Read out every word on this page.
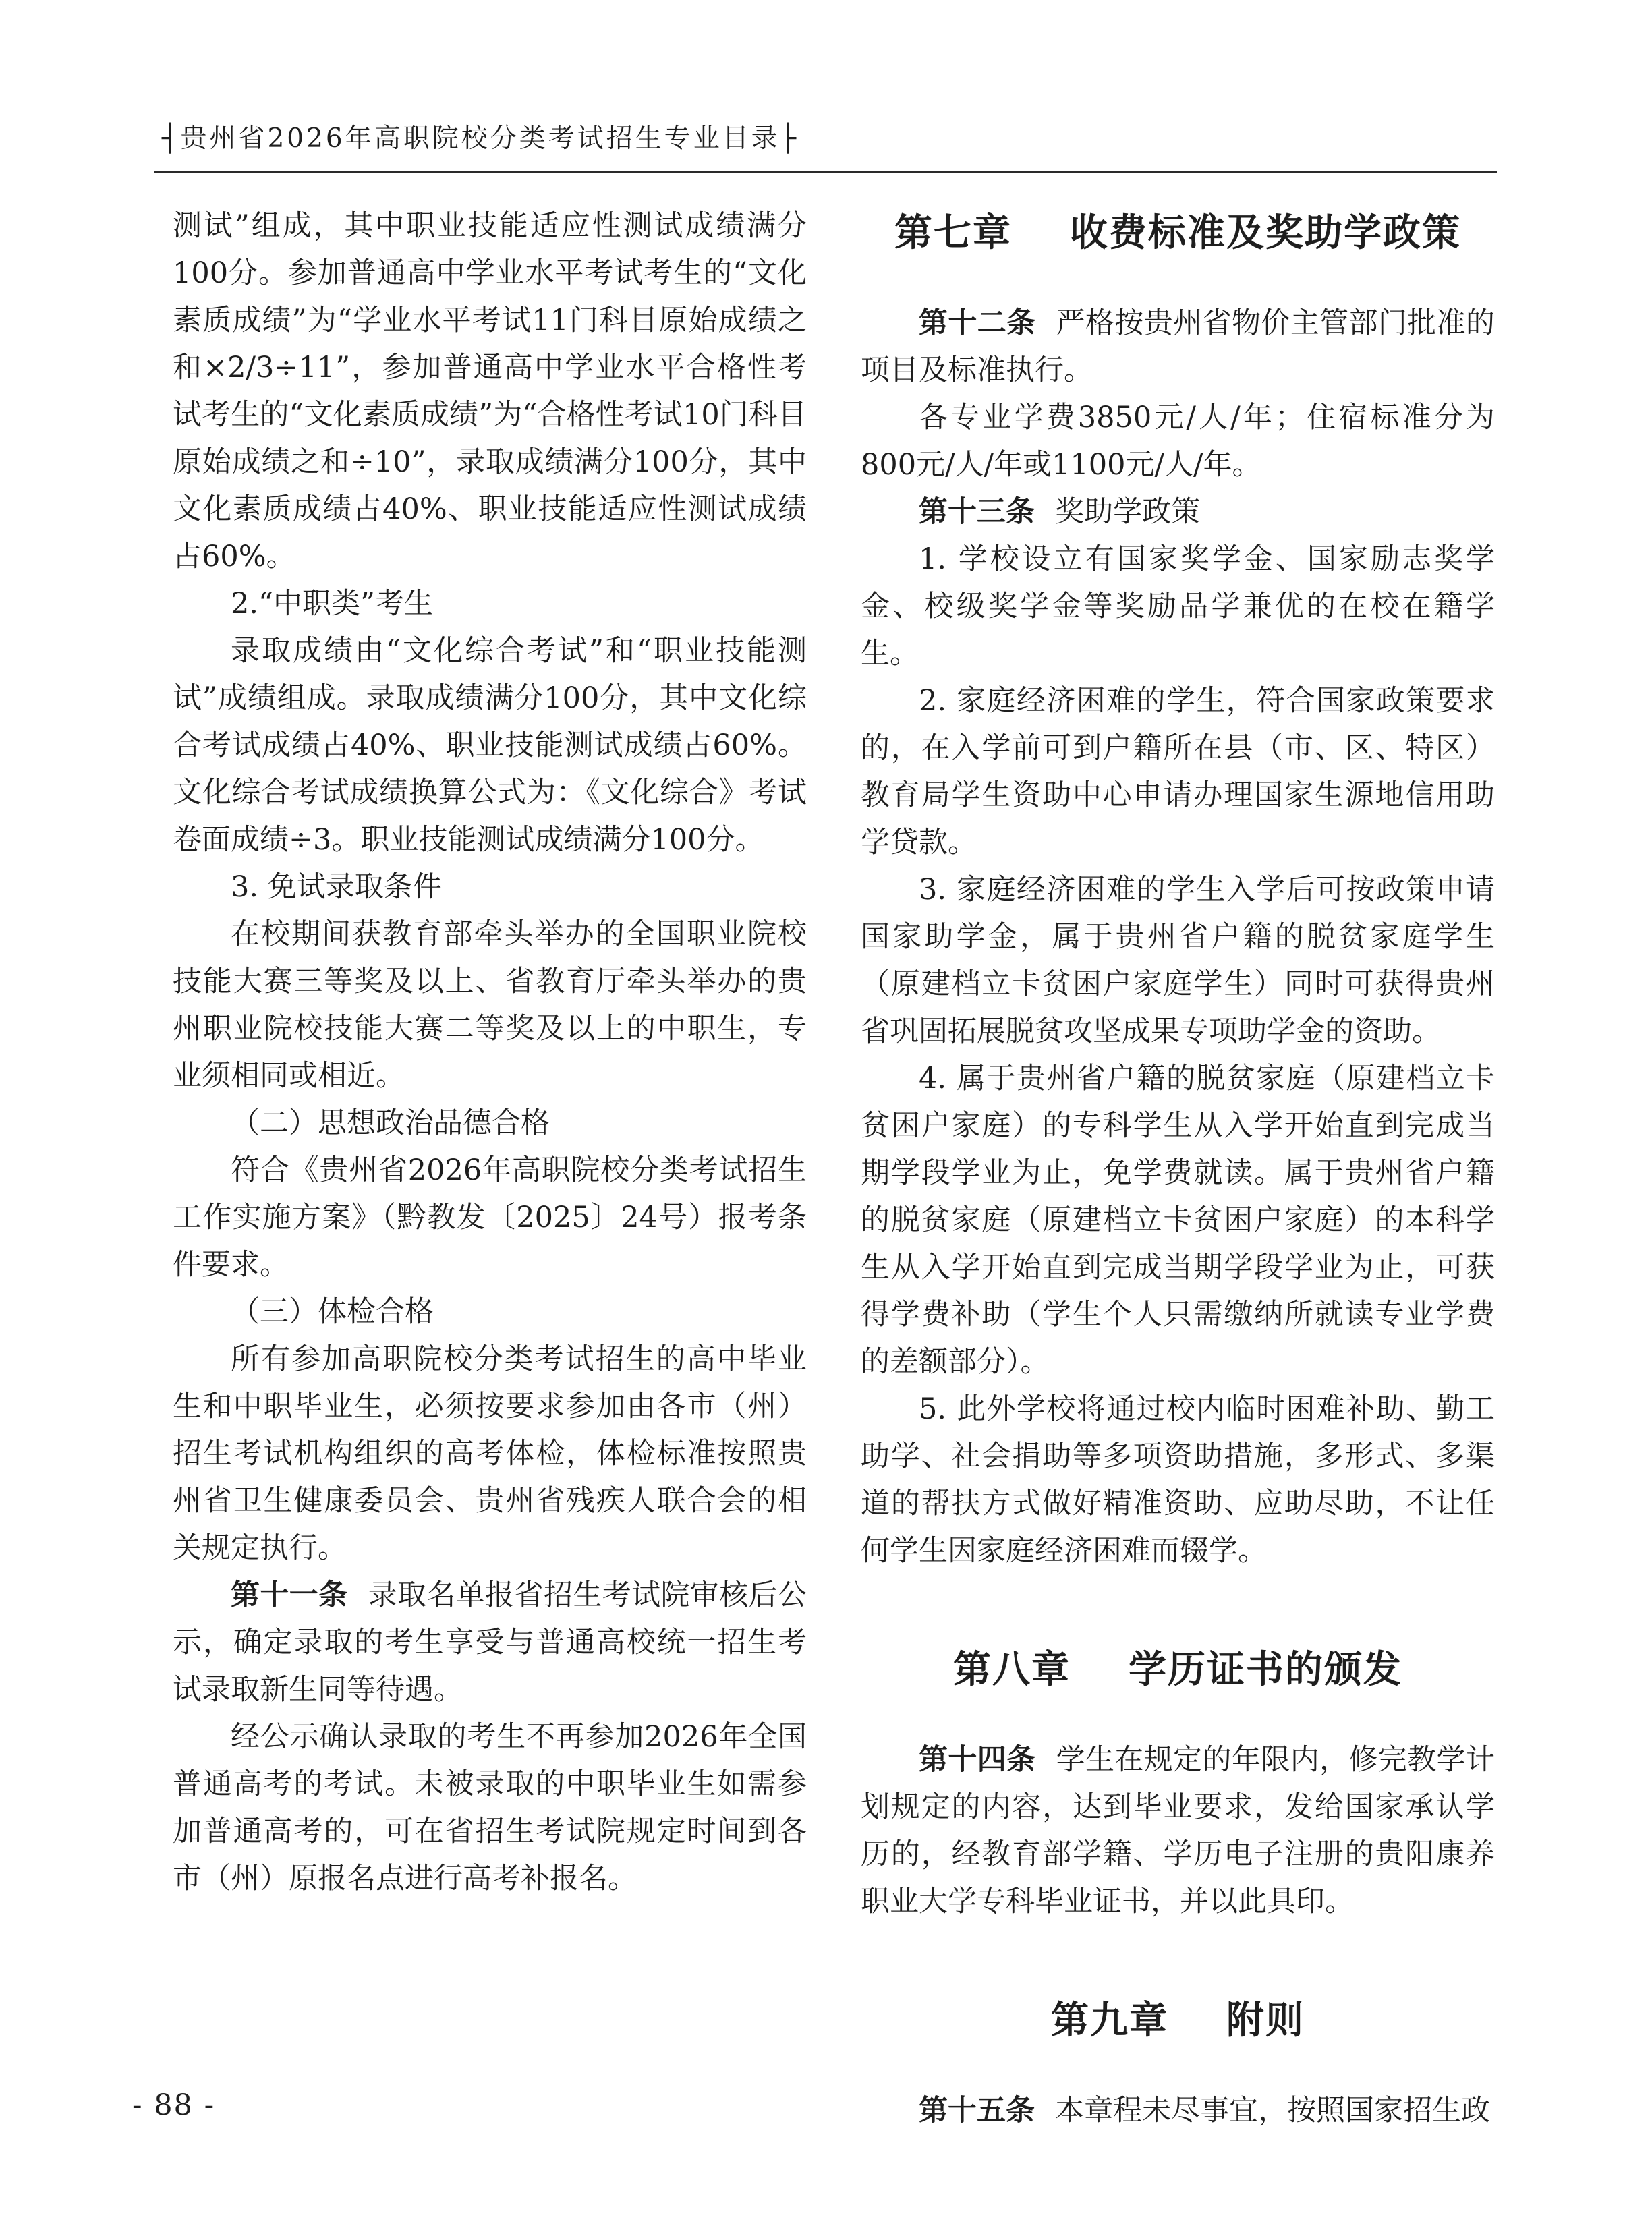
┤贵州省2026年高职院校分类考试招生专业目录├

测试”组成，其中职业技能适应性测试成绩满分100分。参加普通高中学业水平考试考生的“文化素质成绩”为“学业水平考试11门科目原始成绩之和×2/3÷11”，参加普通高中学业水平合格性考试考生的“文化素质成绩”为“合格性考试10门科目原始成绩之和÷10”，录取成绩满分100分，其中文化素质成绩占40%、职业技能适应性测试成绩占60%。

2.“中职类”考生

录取成绩由“文化综合考试”和“职业技能测试”成绩组成。录取成绩满分100分，其中文化综合考试成绩占40%、职业技能测试成绩占60%。文化综合考试成绩换算公式为：《文化综合》考试卷面成绩÷3。职业技能测试成绩满分100分。

3. 免试录取条件

在校期间获教育部牵头举办的全国职业院校技能大赛三等奖及以上、省教育厅牵头举办的贵州职业院校技能大赛二等奖及以上的中职生，专业须相同或相近。

（二）思想政治品德合格

符合《贵州省2026年高职院校分类考试招生工作实施方案》（黔教发〔2025〕24号）报考条件要求。

（三）体检合格

所有参加高职院校分类考试招生的高中毕业生和中职毕业生，必须按要求参加由各市（州）招生考试机构组织的高考体检，体检标准按照贵州省卫生健康委员会、贵州省残疾人联合会的相关规定执行。

第十一条 录取名单报省招生考试院审核后公示，确定录取的考生享受与普通高校统一招生考试录取新生同等待遇。

经公示确认录取的考生不再参加2026年全国普通高考的考试。未被录取的中职毕业生如需参加普通高考的，可在省招生考试院规定时间到各市（州）原报名点进行高考补报名。

第七章    收费标准及奖助学政策

第十二条 严格按贵州省物价主管部门批准的项目及标准执行。

各专业学费3850元/人/年；住宿标准分为800元/人/年或1100元/人/年。

第十三条 奖助学政策

1. 学校设立有国家奖学金、国家励志奖学金、校级奖学金等奖励品学兼优的在校在籍学生。

2. 家庭经济困难的学生，符合国家政策要求的，在入学前可到户籍所在县（市、区、特区）教育局学生资助中心申请办理国家生源地信用助学贷款。

3. 家庭经济困难的学生入学后可按政策申请国家助学金，属于贵州省户籍的脱贫家庭学生（原建档立卡贫困户家庭学生）同时可获得贵州省巩固拓展脱贫攻坚成果专项助学金的资助。

4. 属于贵州省户籍的脱贫家庭（原建档立卡贫困户家庭）的专科学生从入学开始直到完成当期学段学业为止，免学费就读。属于贵州省户籍的脱贫家庭（原建档立卡贫困户家庭）的本科学生从入学开始直到完成当期学段学业为止，可获得学费补助（学生个人只需缴纳所就读专业学费的差额部分）。

5. 此外学校将通过校内临时困难补助、勤工助学、社会捐助等多项资助措施，多形式、多渠道的帮扶方式做好精准资助、应助尽助，不让任何学生因家庭经济困难而辍学。

第八章    学历证书的颁发

第十四条 学生在规定的年限内，修完教学计划规定的内容，达到毕业要求，发给国家承认学历的，经教育部学籍、学历电子注册的贵阳康养职业大学专科毕业证书，并以此具印。

第九章    附则

第十五条 本章程未尽事宜，按照国家招生政

- 88 -
